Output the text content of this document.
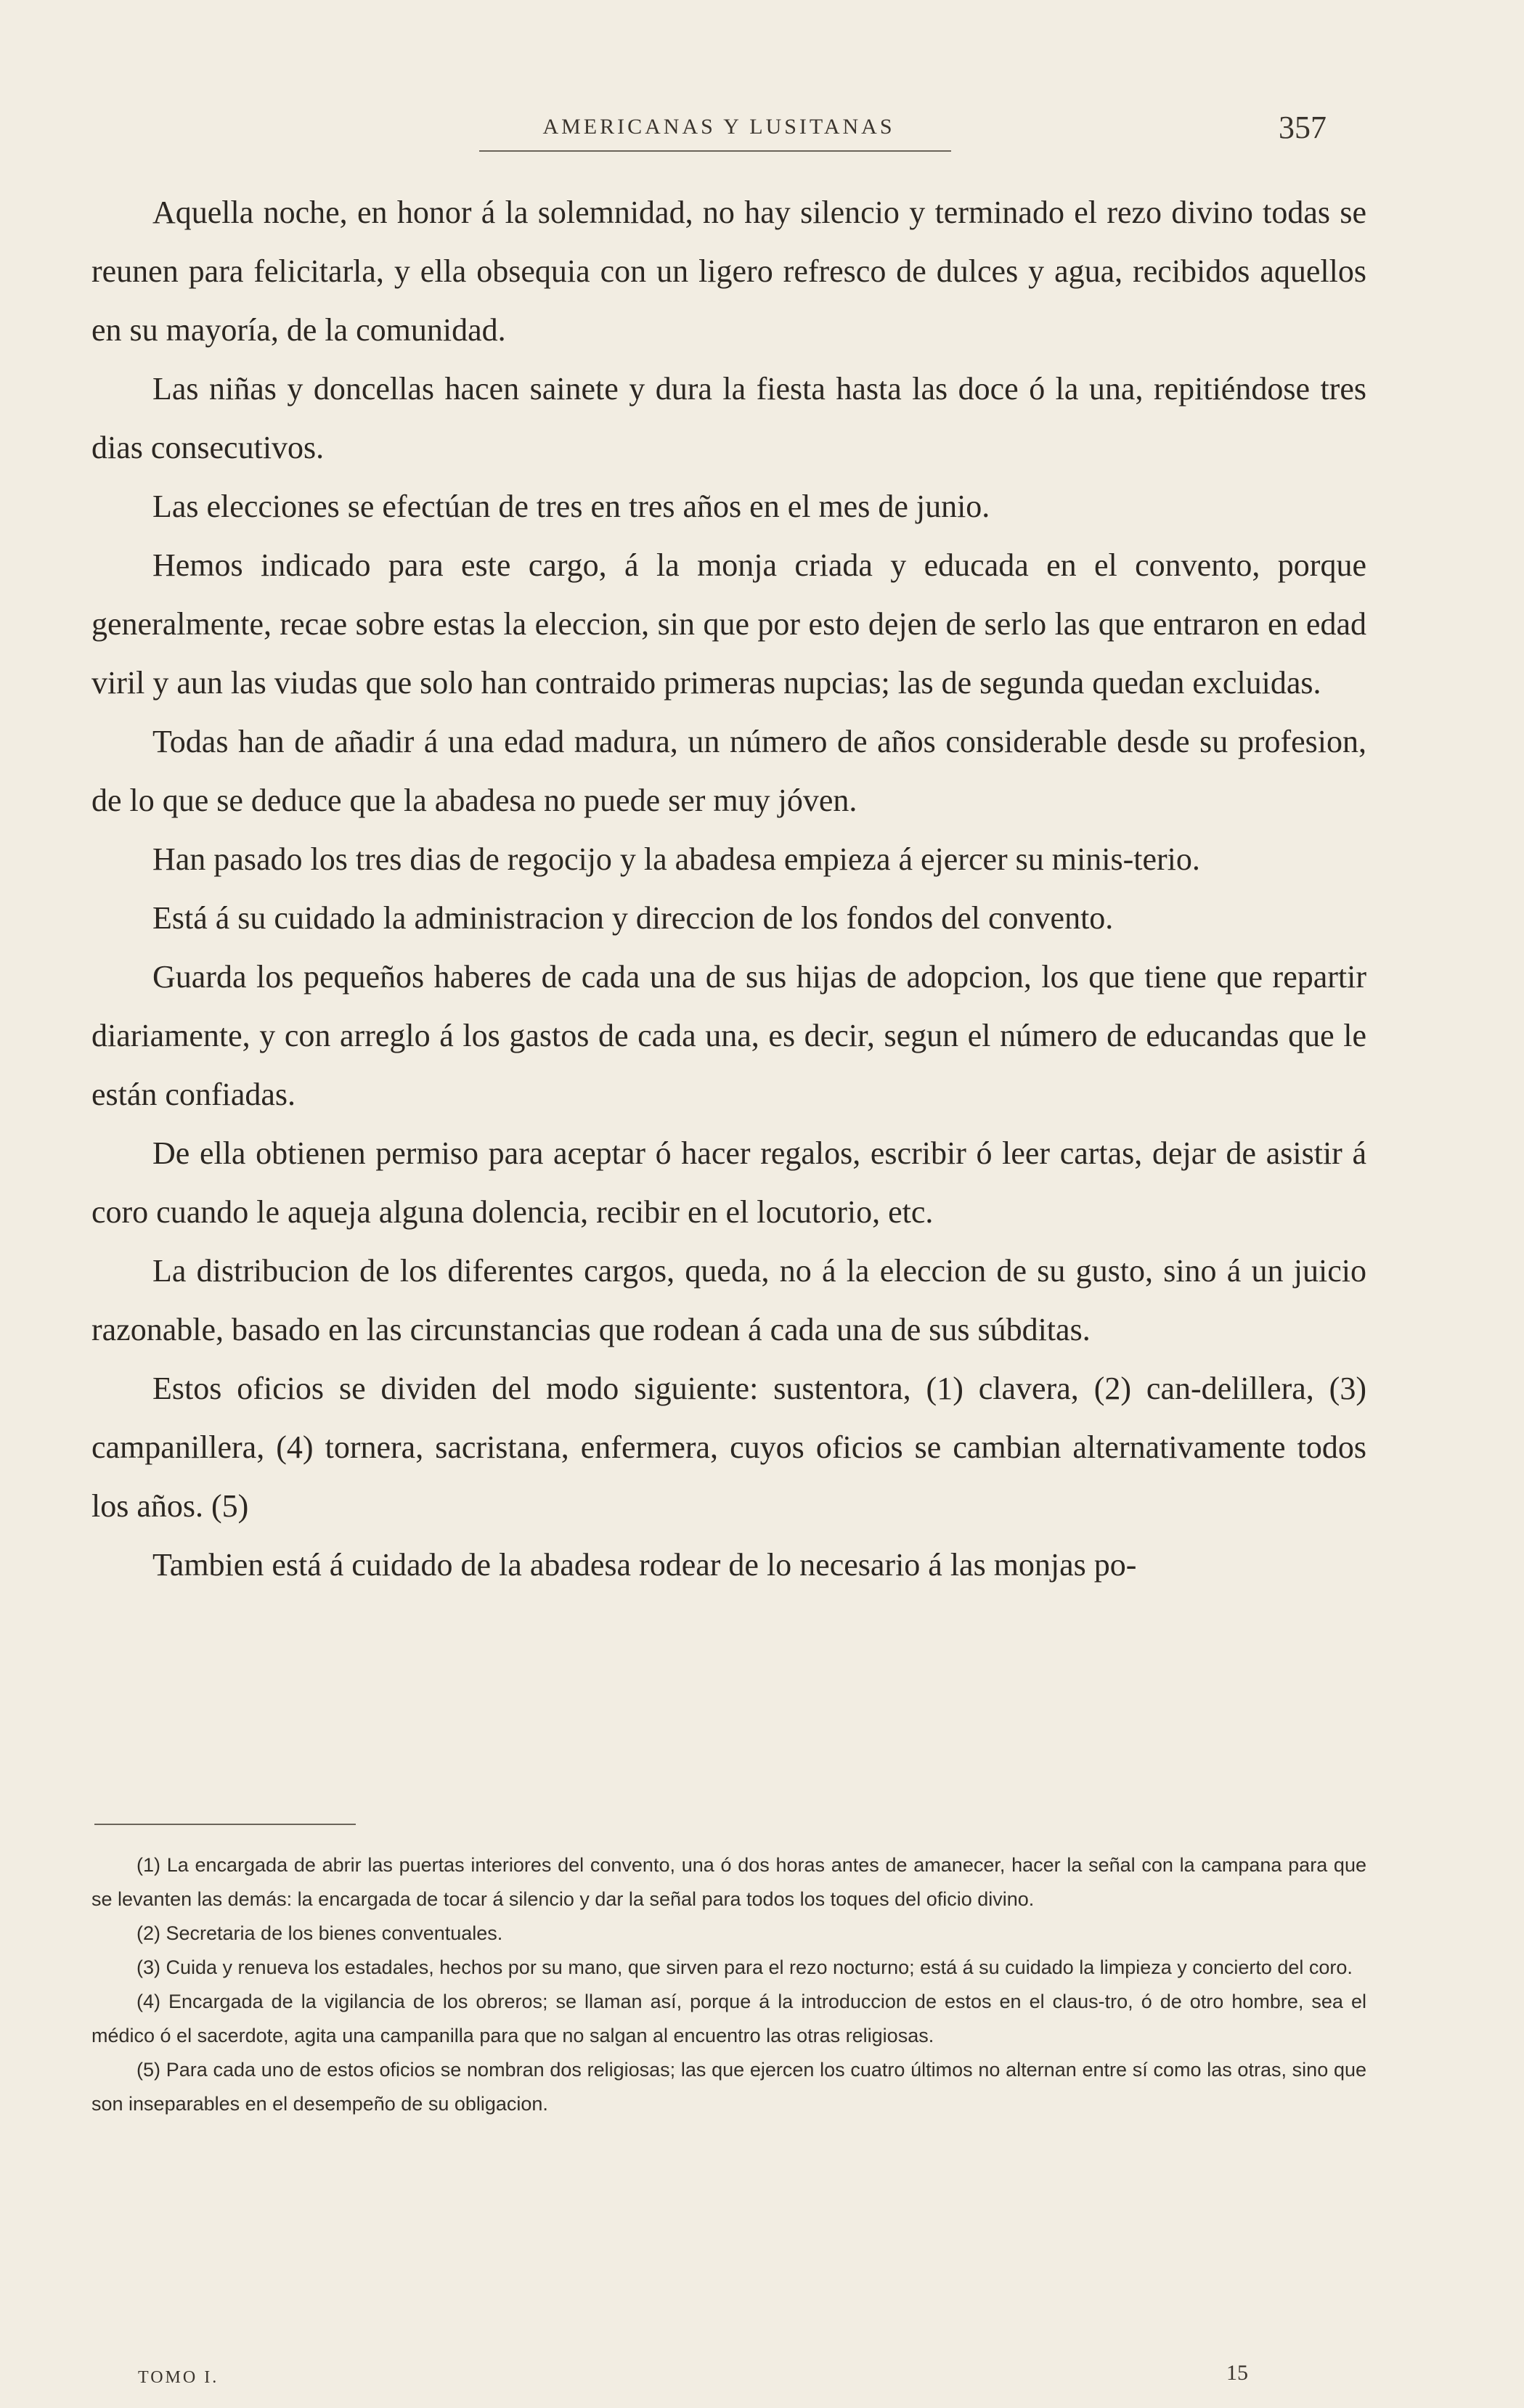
AMERICANAS Y LUSITANAS	357

Aquella noche, en honor á la solemnidad, no hay silencio y terminado el rezo divino todas se reunen para felicitarla, y ella obsequia con un ligero refresco de dulces y agua, recibidos aquellos en su mayoría, de la comunidad.

Las niñas y doncellas hacen sainete y dura la fiesta hasta las doce ó la una, repitiéndose tres dias consecutivos.

Las elecciones se efectúan de tres en tres años en el mes de junio.

Hemos indicado para este cargo, á la monja criada y educada en el convento, porque generalmente, recae sobre estas la eleccion, sin que por esto dejen de serlo las que entraron en edad viril y aun las viudas que solo han contraido primeras nupcias; las de segunda quedan excluidas.

Todas han de añadir á una edad madura, un número de años considerable desde su profesion, de lo que se deduce que la abadesa no puede ser muy jóven.

Han pasado los tres dias de regocijo y la abadesa empieza á ejercer su minis-terio.

Está á su cuidado la administracion y direccion de los fondos del convento.

Guarda los pequeños haberes de cada una de sus hijas de adopcion, los que tiene que repartir diariamente, y con arreglo á los gastos de cada una, es decir, segun el número de educandas que le están confiadas.

De ella obtienen permiso para aceptar ó hacer regalos, escribir ó leer cartas, dejar de asistir á coro cuando le aqueja alguna dolencia, recibir en el locutorio, etc.

La distribucion de los diferentes cargos, queda, no á la eleccion de su gusto, sino á un juicio razonable, basado en las circunstancias que rodean á cada una de sus súbditas.

Estos oficios se dividen del modo siguiente: sustentora, (1) clavera, (2) can-delillera, (3) campanillera, (4) tornera, sacristana, enfermera, cuyos oficios se cambian alternativamente todos los años. (5)

Tambien está á cuidado de la abadesa rodear de lo necesario á las monjas po-

(1) La encargada de abrir las puertas interiores del convento, una ó dos horas antes de amanecer, hacer la señal con la campana para que se levanten las demás: la encargada de tocar á silencio y dar la señal para todos los toques del oficio divino.

(2) Secretaria de los bienes conventuales.

(3) Cuida y renueva los estadales, hechos por su mano, que sirven para el rezo nocturno; está á su cuidado la limpieza y concierto del coro.

(4) Encargada de la vigilancia de los obreros; se llaman así, porque á la introduccion de estos en el claus-tro, ó de otro hombre, sea el médico ó el sacerdote, agita una campanilla para que no salgan al encuentro las otras religiosas.

(5) Para cada uno de estos oficios se nombran dos religiosas; las que ejercen los cuatro últimos no alternan entre sí como las otras, sino que son inseparables en el desempeño de su obligacion.

TOMO I.	15
